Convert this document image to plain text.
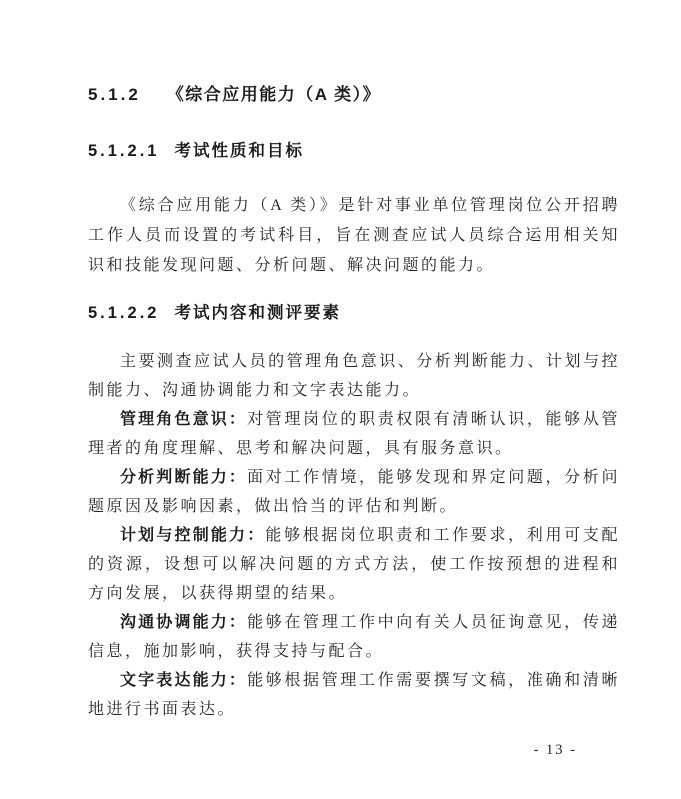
5.1.2 《综合应用能力（A 类）》
5.1.2.1 考试性质和目标

《综合应用能力（A 类）》是针对事业单位管理岗位公开招聘工作人员而设置的考试科目，旨在测查应试人员综合运用相关知识和技能发现问题、分析问题、解决问题的能力。

5.1.2.2 考试内容和测评要素

主要测查应试人员的管理角色意识、分析判断能力、计划与控制能力、沟通协调能力和文字表达能力。

管理角色意识：对管理岗位的职责权限有清晰认识，能够从管理者的角度理解、思考和解决问题，具有服务意识。

分析判断能力：面对工作情境，能够发现和界定问题，分析问题原因及影响因素，做出恰当的评估和判断。

计划与控制能力：能够根据岗位职责和工作要求，利用可支配的资源，设想可以解决问题的方式方法，使工作按预想的进程和方向发展，以获得期望的结果。

沟通协调能力：能够在管理工作中向有关人员征询意见，传递信息，施加影响，获得支持与配合。

文字表达能力：能够根据管理工作需要撰写文稿，准确和清晰地进行书面表达。

- 13 -
